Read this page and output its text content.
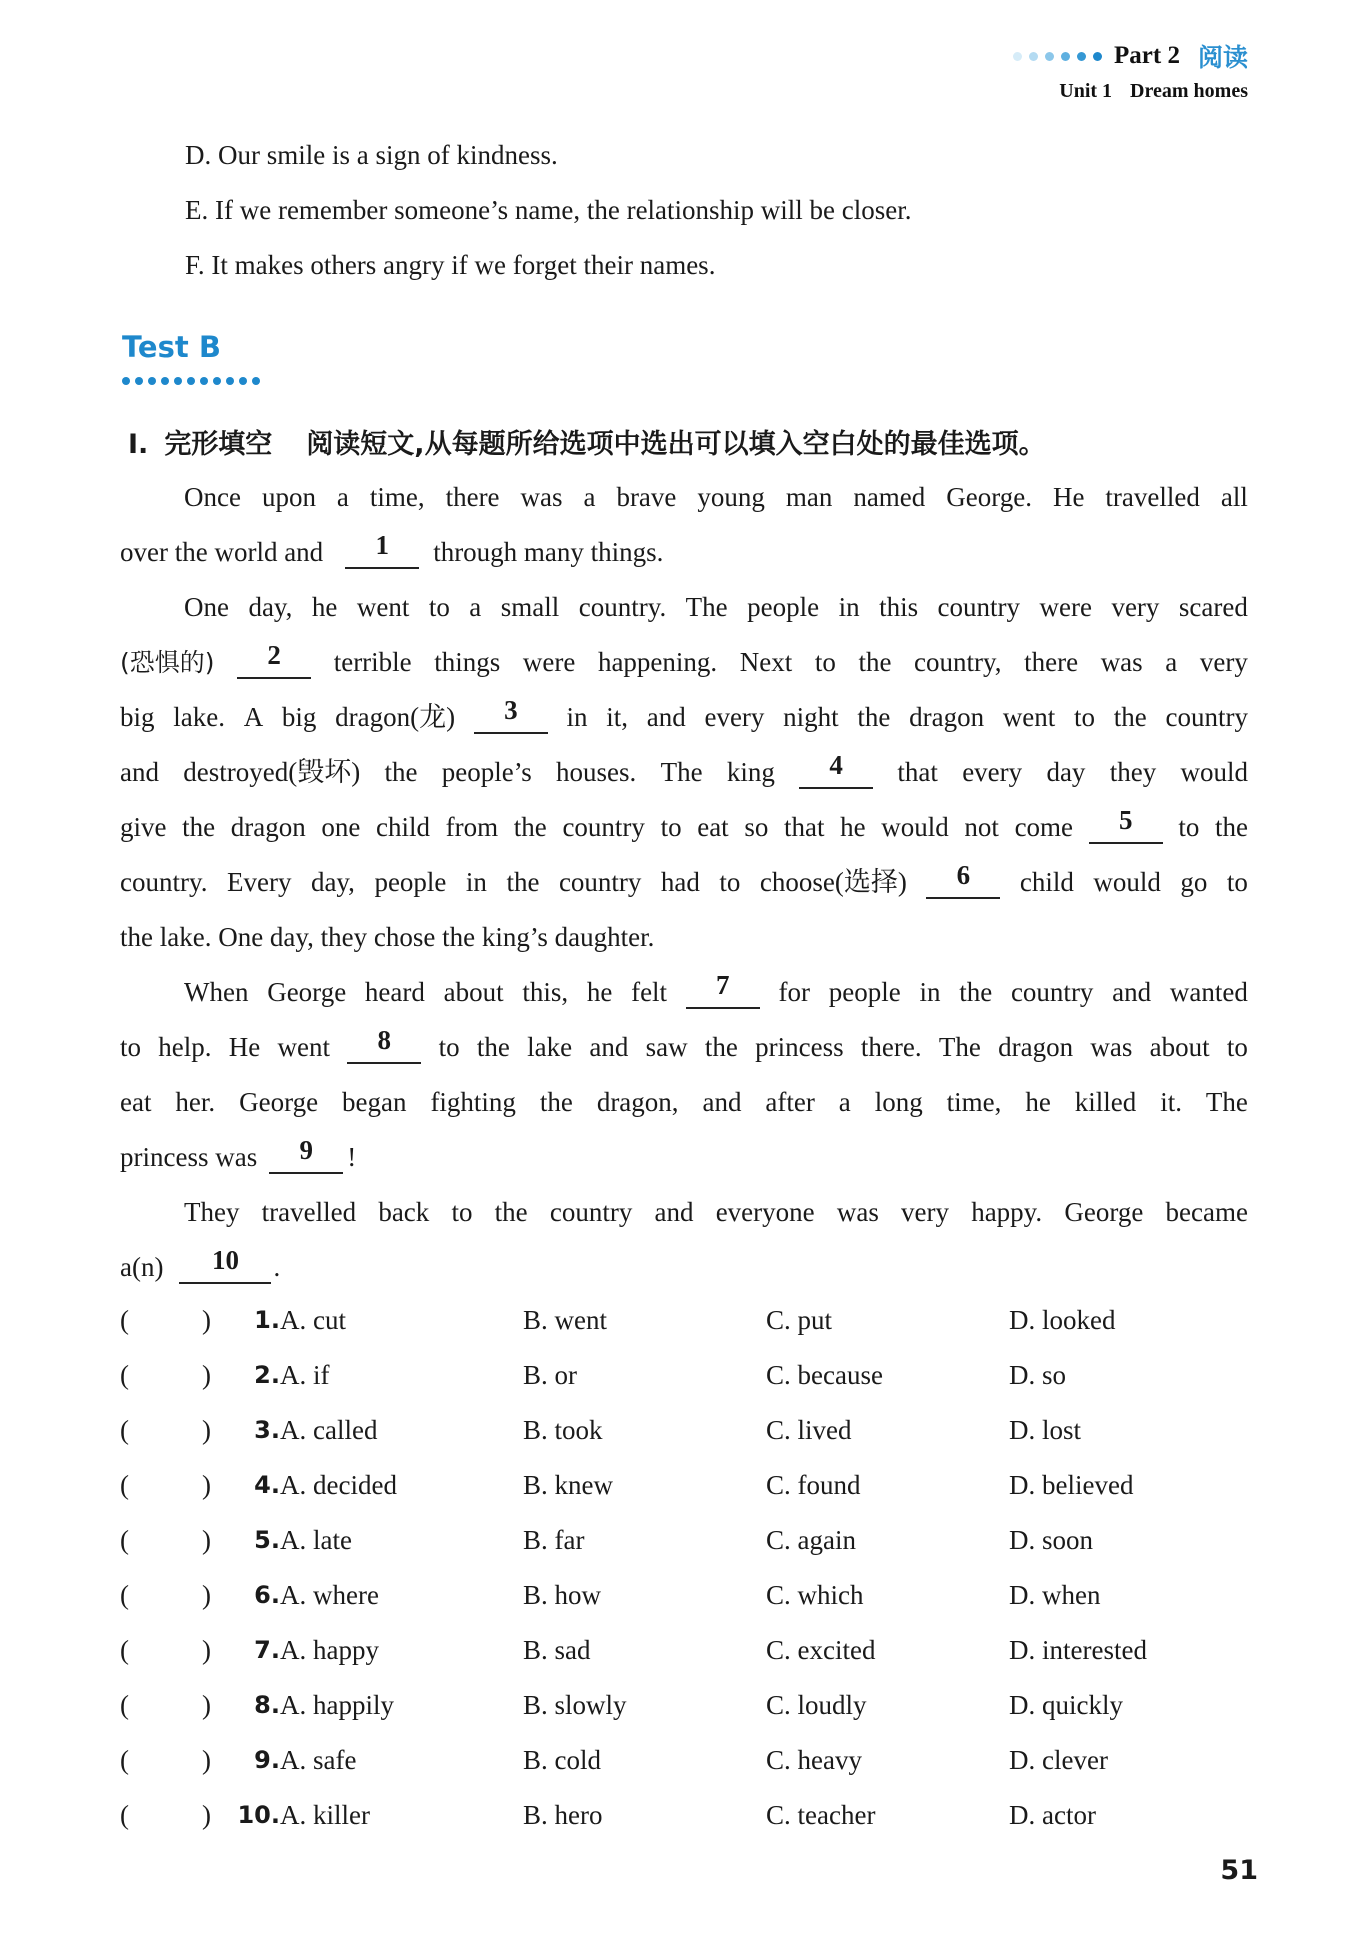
Part 2 阅读
Unit 1 Dream homes
D. Our smile is a sign of kindness.
E. If we remember someone’s name, the relationship will be closer.
F. It makes others angry if we forget their names.
Test B
Ⅰ. 完形填空 阅读短文,从每题所给选项中选出可以填入空白处的最佳选项。
Once upon a time, there was a brave young man named George. He travelled all
over the world and	1	through many things.
One day, he went to a small country. The people in this country were very scared
(恐惧的)	2	terrible things were happening. Next to the country, there was a very
big lake. A big dragon(龙)	3	in it, and every night the dragon went to the country
and destroyed(毁坏) the people’s houses. The king	4	that every day they would
give the dragon one child from the country to eat so that he would not come	5	to the
country. Every day, people in the country had to choose(选择)	6	child would go to
the lake. One day, they chose the king’s daughter.
When George heard about this, he felt	7	for people in the country and wanted
to help. He went	8	to the lake and saw the princess there. The dragon was about to
eat her. George began fighting the dragon, and after a long time, he killed it. The
princess was	9	!
They travelled back to the country and everyone was very happy. George became
a(n)	10	.
(	)	1. A. cut	B. went	C. put	D. looked
(	)	2. A. if	B. or	C. because	D. so
(	)	3. A. called	B. took	C. lived	D. lost
(	)	4. A. decided	B. knew	C. found	D. believed
(	)	5. A. late	B. far	C. again	D. soon
(	)	6. A. where	B. how	C. which	D. when
(	)	7. A. happy	B. sad	C. excited	D. interested
(	)	8. A. happily	B. slowly	C. loudly	D. quickly
(	)	9. A. safe	B. cold	C. heavy	D. clever
(	)	10. A. killer	B. hero	C. teacher	D. actor
51
